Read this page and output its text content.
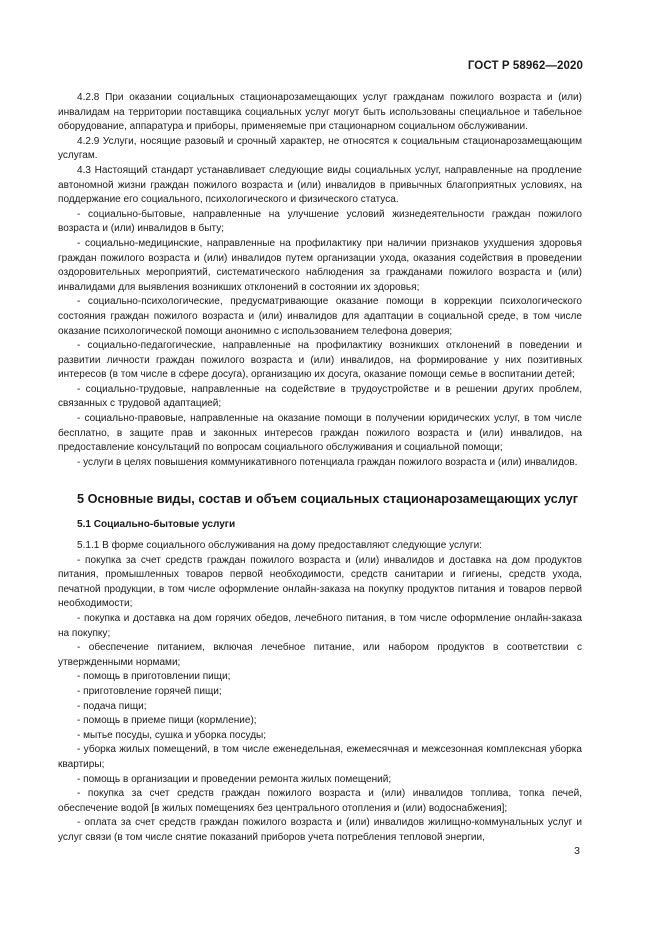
ГОСТ Р 58962—2020

4.2.8 При оказании социальных стационарозамещающих услуг гражданам пожилого возраста и (или) инвалидам на территории поставщика социальных услуг могут быть использованы специальное и табельное оборудование, аппаратура и приборы, применяемые при стационарном социальном обслуживании.

4.2.9 Услуги, носящие разовый и срочный характер, не относятся к социальным стационарозамещающим услугам.

4.3 Настоящий стандарт устанавливает следующие виды социальных услуг, направленные на продление автономной жизни граждан пожилого возраста и (или) инвалидов в привычных благоприятных условиях, на поддержание его социального, психологического и физического статуса.

- социально-бытовые, направленные на улучшение условий жизнедеятельности граждан пожилого возраста и (или) инвалидов в быту;

- социально-медицинские, направленные на профилактику при наличии признаков ухудшения здоровья граждан пожилого возраста и (или) инвалидов путем организации ухода, оказания содействия в проведении оздоровительных мероприятий, систематического наблюдения за гражданами пожилого возраста и (или) инвалидами для выявления возникших отклонений в состоянии их здоровья;

- социально-психологические, предусматривающие оказание помощи в коррекции психологического состояния граждан пожилого возраста и (или) инвалидов для адаптации в социальной среде, в том числе оказание психологической помощи анонимно с использованием телефона доверия;

- социально-педагогические, направленные на профилактику возникших отклонений в поведении и развитии личности граждан пожилого возраста и (или) инвалидов, на формирование у них позитивных интересов (в том числе в сфере досуга), организацию их досуга, оказание помощи семье в воспитании детей;

- социально-трудовые, направленные на содействие в трудоустройстве и в решении других проблем, связанных с трудовой адаптацией;

- социально-правовые, направленные на оказание помощи в получении юридических услуг, в том числе бесплатно, в защите прав и законных интересов граждан пожилого возраста и (или) инвалидов, на предоставление консультаций по вопросам социального обслуживания и социальной помощи;

- услуги в целях повышения коммуникативного потенциала граждан пожилого возраста и (или) инвалидов.

5 Основные виды, состав и объем социальных стационарозамещающих услуг
5.1 Социально-бытовые услуги

5.1.1 В форме социального обслуживания на дому предоставляют следующие услуги:

- покупка за счет средств граждан пожилого возраста и (или) инвалидов и доставка на дом продуктов питания, промышленных товаров первой необходимости, средств санитарии и гигиены, средств ухода, печатной продукции, в том числе оформление онлайн-заказа на покупку продуктов питания и товаров первой необходимости;

- покупка и доставка на дом горячих обедов, лечебного питания, в том числе оформление онлайн-заказа на покупку;

- обеспечение питанием, включая лечебное питание, или набором продуктов в соответствии с утвержденными нормами;

- помощь в приготовлении пищи;

- приготовление горячей пищи;

- подача пищи;

- помощь в приеме пищи (кормление);

- мытье посуды, сушка и уборка посуды;

- уборка жилых помещений, в том числе еженедельная, ежемесячная и межсезонная комплексная уборка квартиры;

- помощь в организации и проведении ремонта жилых помещений;

- покупка за счет средств граждан пожилого возраста и (или) инвалидов топлива, топка печей, обеспечение водой [в жилых помещениях без центрального отопления и (или) водоснабжения];

- оплата за счет средств граждан пожилого возраста и (или) инвалидов жилищно-коммунальных услуг и услуг связи (в том числе снятие показаний приборов учета потребления тепловой энергии,

3
